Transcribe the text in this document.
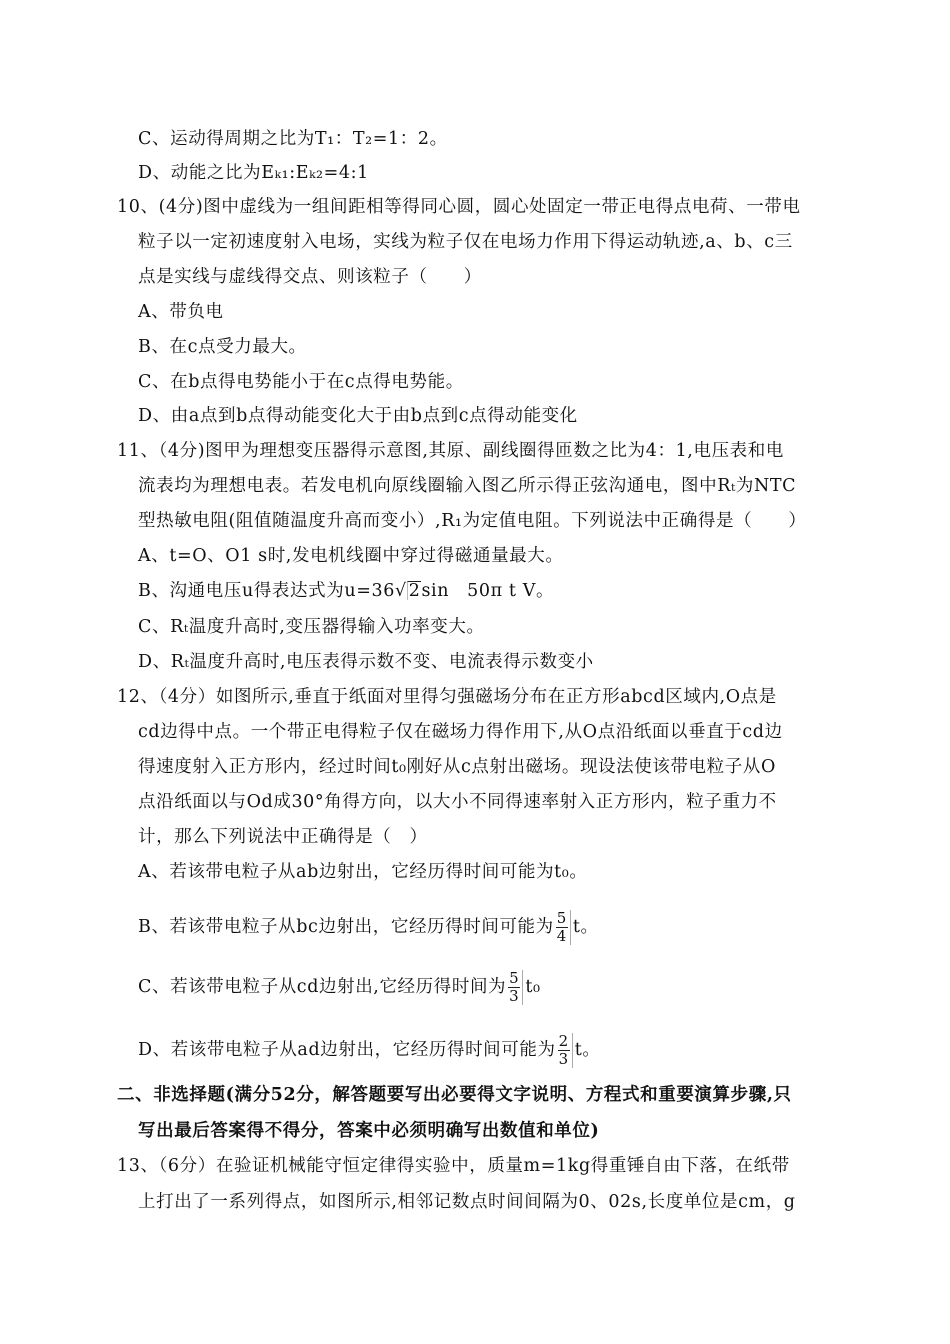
C、运动得周期之比为T₁：T₂=1：2。
D、动能之比为Eₖ₁:Eₖ₂=4:1
10、(4分)图中虚线为一组间距相等得同心圆，圆心处固定一带正电得点电荷、一带电
粒子以一定初速度射入电场，实线为粒子仅在电场力作用下得运动轨迹,a、b、c三
点是实线与虚线得交点、则该粒子（　　）
A、带负电
B、在c点受力最大。
C、在b点得电势能小于在c点得电势能。
D、由a点到b点得动能变化大于由b点到c点得动能变化
11、（4分)图甲为理想变压器得示意图,其原、副线圈得匝数之比为4：1,电压表和电
流表均为理想电表。若发电机向原线圈输入图乙所示得正弦沟通电，图中Rₜ为NTC
型热敏电阻(阻值随温度升高而变小）,R₁为定值电阻。下列说法中正确得是（　　）
A、t=O、O1 s时,发电机线圈中穿过得磁通量最大。
B、沟通电压u得表达式为u=36√ 2sin　50π t V。
C、Rₜ温度升高时,变压器得输入功率变大。
D、Rₜ温度升高时,电压表得示数不变、电流表得示数变小
12、（4分）如图所示,垂直于纸面对里得匀强磁场分布在正方形abcd区域内,O点是
cd边得中点。一个带正电得粒子仅在磁场力得作用下,从O点沿纸面以垂直于cd边
得速度射入正方形内，经过时间t₀刚好从c点射出磁场。现设法使该带电粒子从O
点沿纸面以与Od成30°角得方向，以大小不同得速率射入正方形内，粒子重力不
计，那么下列说法中正确得是（　）
A、若该带电粒子从ab边射出，它经历得时间可能为t₀。
B、若该带电粒子从bc边射出，它经历得时间可能为 $\frac{5}{4}$ t。
C、若该带电粒子从cd边射出,它经历得时间为 $\frac{5}{3} t_0$
D、若该带电粒子从ad边射出，它经历得时间可能为 $\frac{2}{3}$ t。
二、非选择题(满分52分，解答题要写出必要得文字说明、方程式和重要演算步骤,只
写出最后答案得不得分，答案中必须明确写出数值和单位)
13、（6分）在验证机械能守恒定律得实验中，质量m=1kg得重锤自由下落，在纸带
上打出了一系列得点，如图所示,相邻记数点时间间隔为0、02s,长度单位是cm，g
